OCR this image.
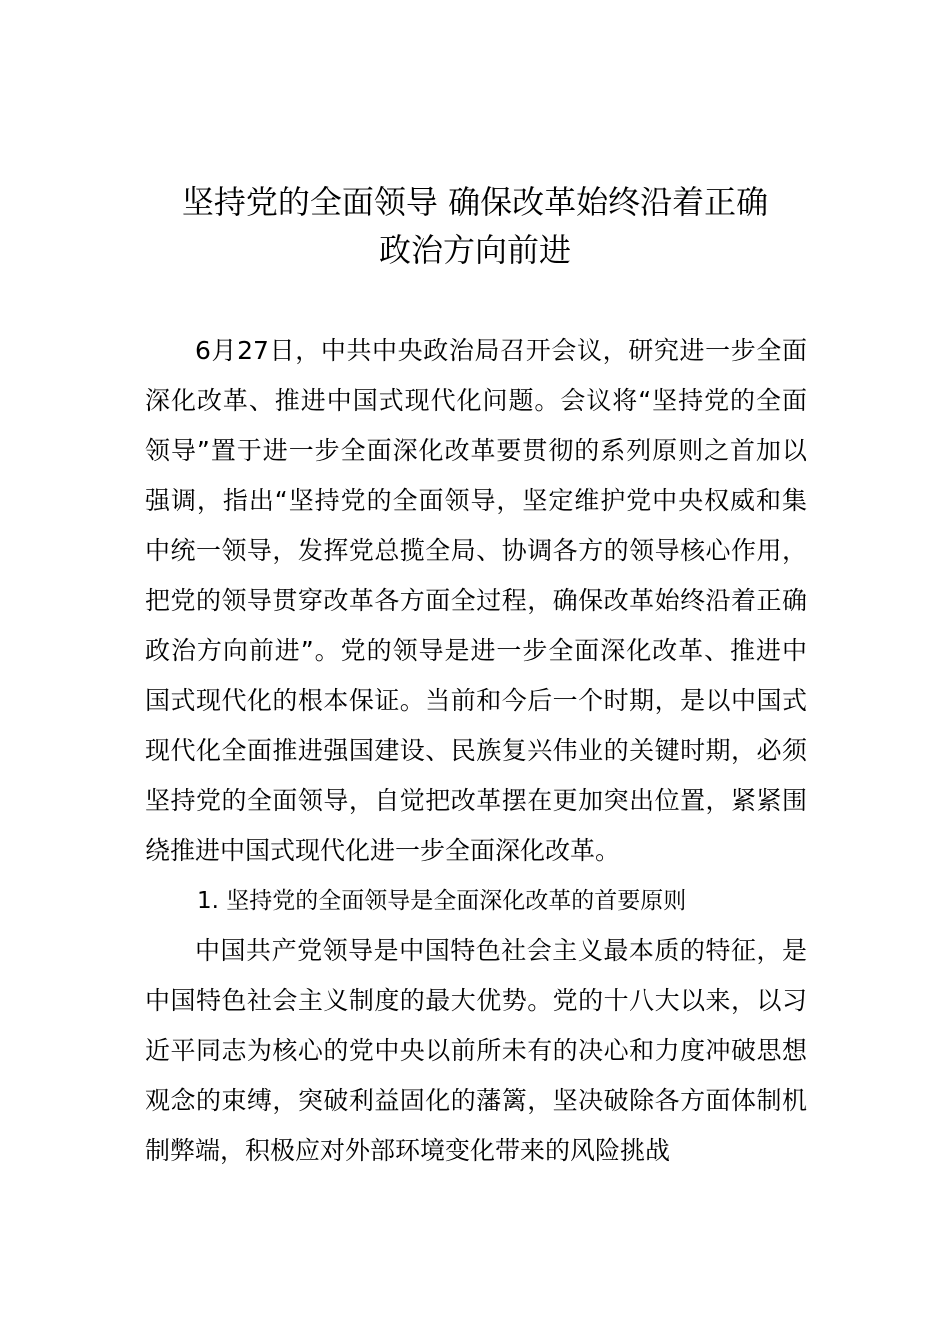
坚持党的全面领导 确保改革始终沿着正确
政治方向前进

6月27日，中共中央政治局召开会议，研究进一步全面深化改革、推进中国式现代化问题。会议将“坚持党的全面领导”置于进一步全面深化改革要贯彻的系列原则之首加以强调，指出“坚持党的全面领导，坚定维护党中央权威和集中统一领导，发挥党总揽全局、协调各方的领导核心作用，把党的领导贯穿改革各方面全过程，确保改革始终沿着正确政治方向前进”。党的领导是进一步全面深化改革、推进中国式现代化的根本保证。当前和今后一个时期，是以中国式现代化全面推进强国建设、民族复兴伟业的关键时期，必须坚持党的全面领导，自觉把改革摆在更加突出位置，紧紧围绕推进中国式现代化进一步全面深化改革。

1. 坚持党的全面领导是全面深化改革的首要原则

中国共产党领导是中国特色社会主义最本质的特征，是中国特色社会主义制度的最大优势。党的十八大以来，以习近平同志为核心的党中央以前所未有的决心和力度冲破思想观念的束缚，突破利益固化的藩篱，坚决破除各方面体制机制弊端，积极应对外部环境变化带来的风险挑战
